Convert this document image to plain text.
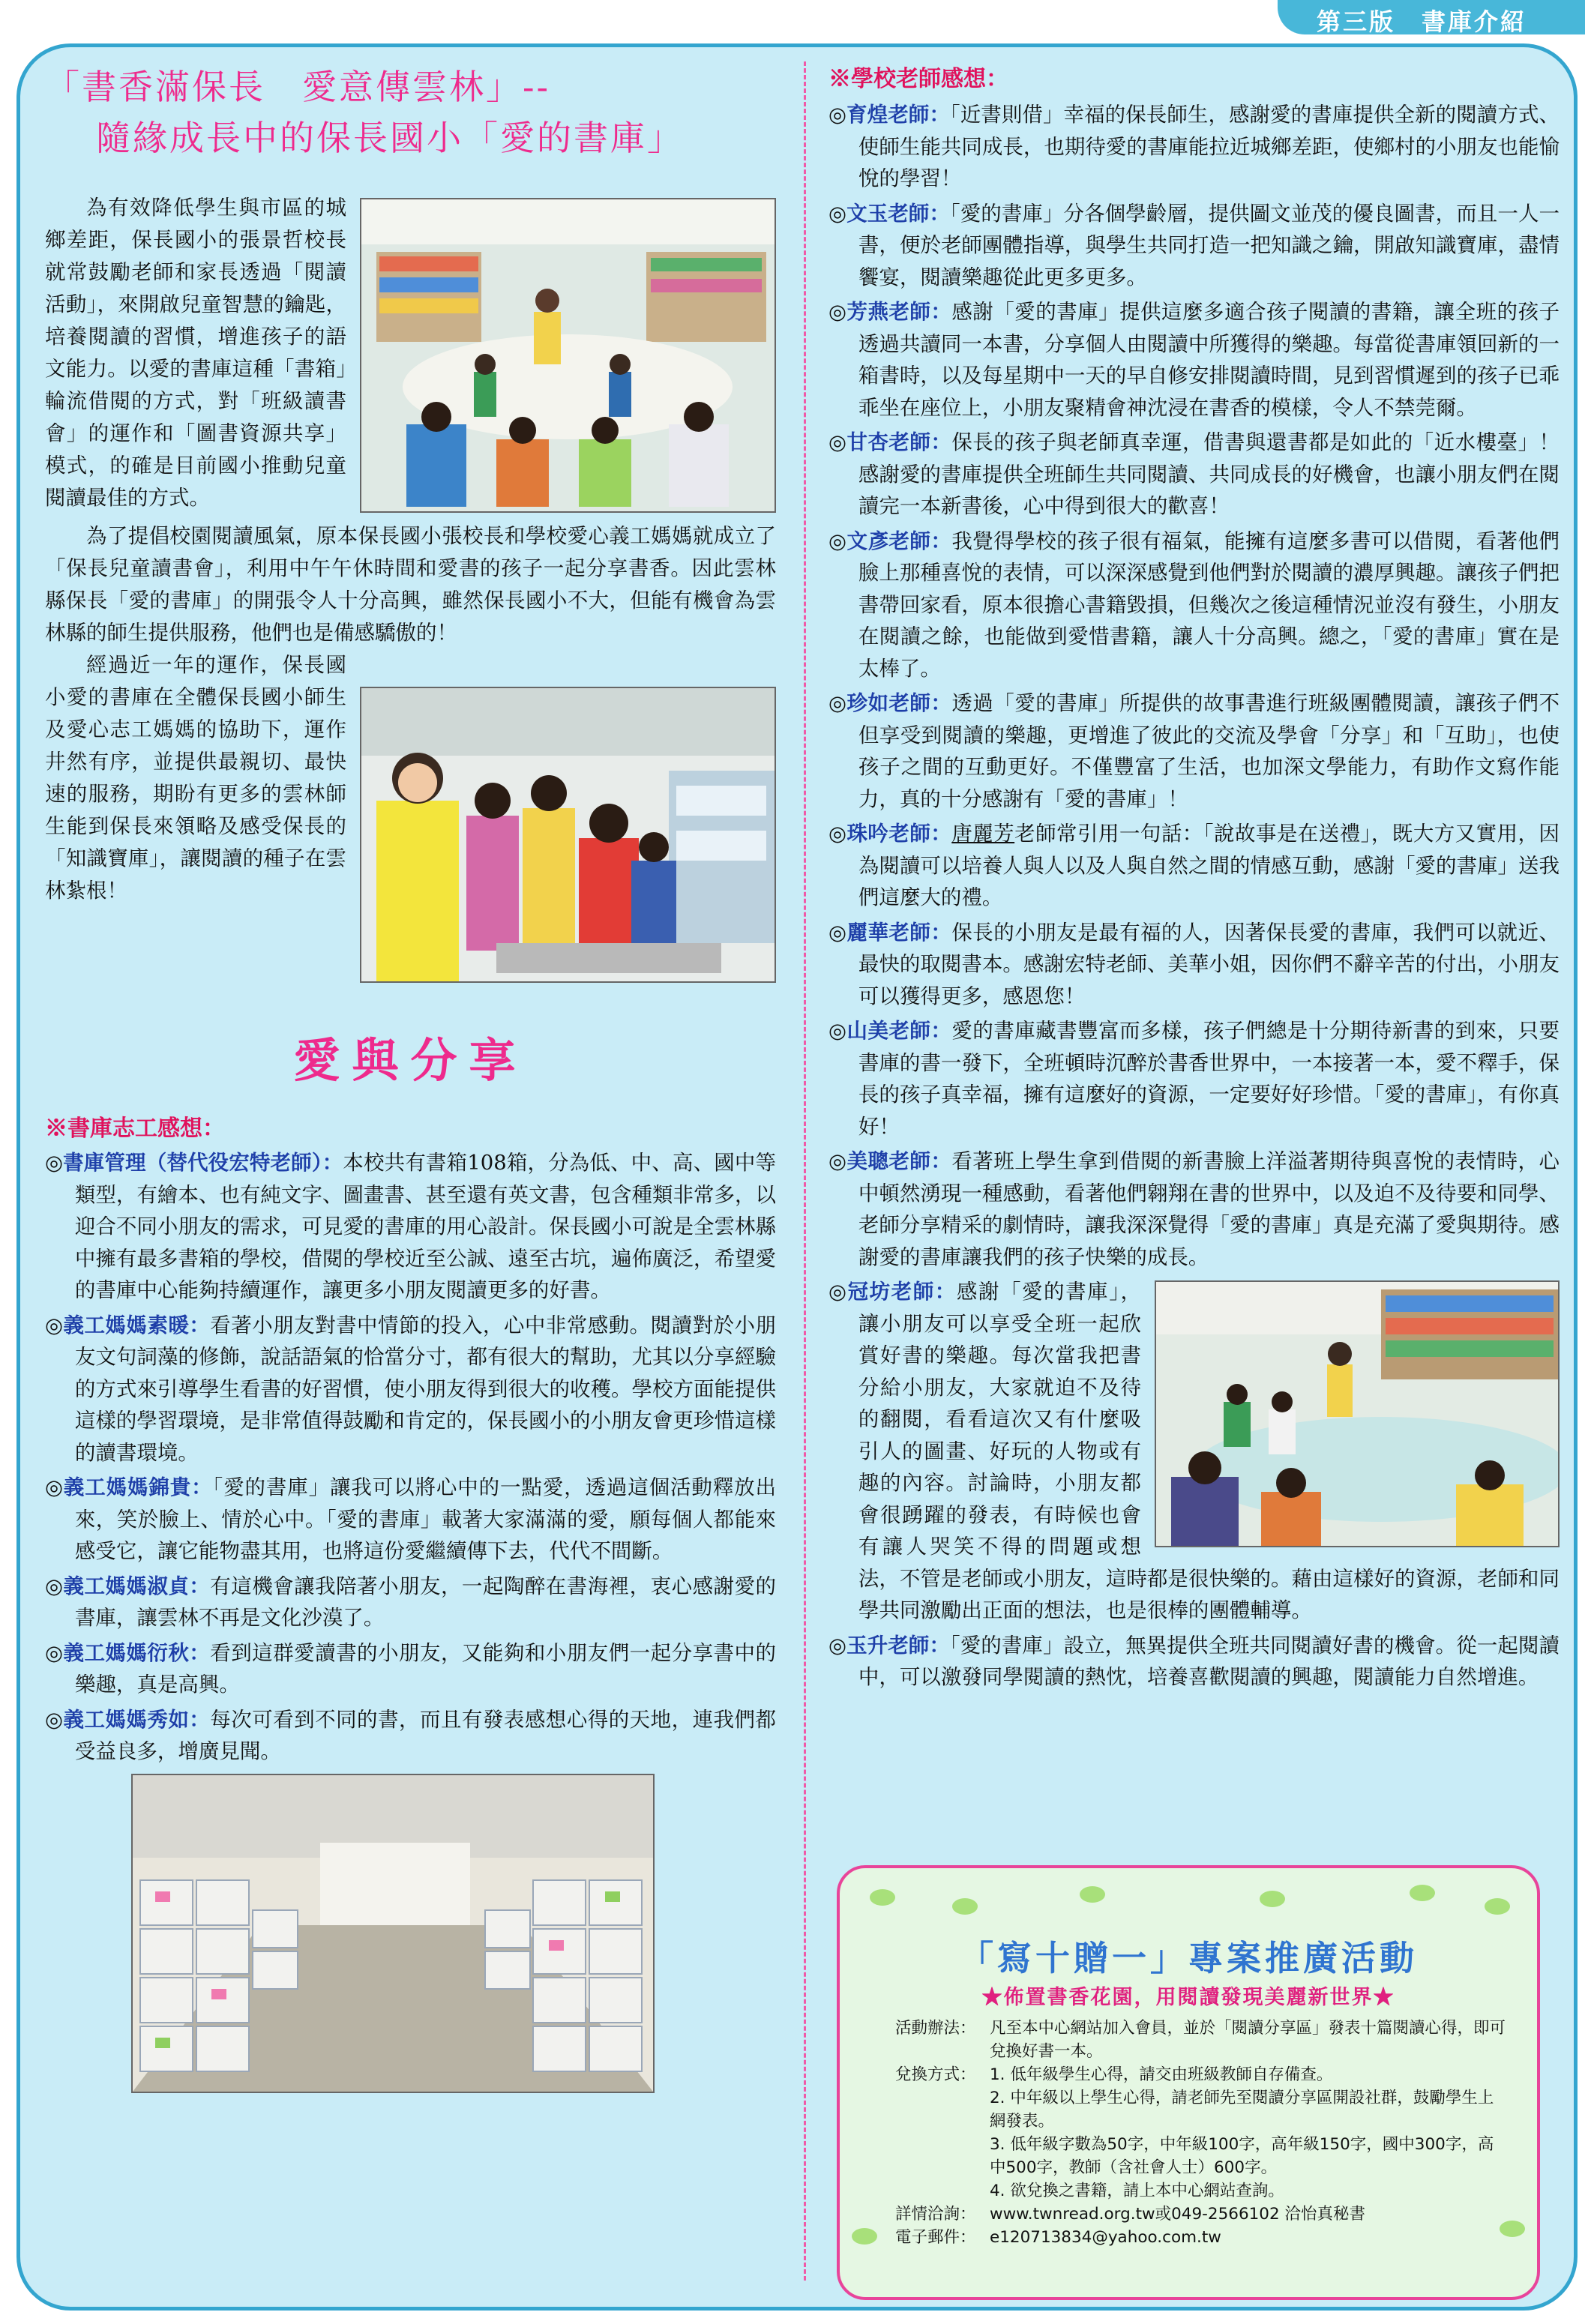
第三版　書庫介紹
「書香滿保長　愛意傳雲林」--
隨緣成長中的保長國小「愛的書庫」

為有效降低學生與市區的城鄉差距，保長國小的張景哲校長就常鼓勵老師和家長透過「閱讀活動」，來開啟兒童智慧的鑰匙，培養閱讀的習慣，增進孩子的語文能力。以愛的書庫這種「書箱」輪流借閱的方式，對「班級讀書會」的運作和「圖書資源共享」模式，的確是目前國小推動兒童閱讀最佳的方式。

為了提倡校園閱讀風氣，原本保長國小張校長和學校愛心義工媽媽就成立了「保長兒童讀書會」，利用中午午休時間和愛書的孩子一起分享書香。因此雲林縣保長「愛的書庫」的開張令人十分高興，雖然保長國小不大，但能有機會為雲林縣的師生提供服務，他們也是備感驕傲的！

經過近一年的運作，保長國小愛的書庫在全體保長國小師生及愛心志工媽媽的協助下，運作井然有序，並提供最親切、最快速的服務，期盼有更多的雲林師生能到保長來領略及感受保長的「知識寶庫」，讓閱讀的種子在雲林紮根！

愛與分享

※書庫志工感想：

◎書庫管理（替代役宏特老師）：本校共有書箱108箱，分為低、中、高、國中等類型，有繪本、也有純文字、圖畫書、甚至還有英文書，包含種類非常多，以迎合不同小朋友的需求，可見愛的書庫的用心設計。保長國小可說是全雲林縣中擁有最多書箱的學校，借閱的學校近至公誠、遠至古坑，遍佈廣泛，希望愛的書庫中心能夠持續運作，讓更多小朋友閱讀更多的好書。

◎義工媽媽素暖：看著小朋友對書中情節的投入，心中非常感動。閱讀對於小朋友文句詞藻的修飾，說話語氣的恰當分寸，都有很大的幫助，尤其以分享經驗的方式來引導學生看書的好習慣，使小朋友得到很大的收穫。學校方面能提供這樣的學習環境，是非常值得鼓勵和肯定的，保長國小的小朋友會更珍惜這樣的讀書環境。

◎義工媽媽錦貴：「愛的書庫」讓我可以將心中的一點愛，透過這個活動釋放出來，笑於臉上、情於心中。「愛的書庫」載著大家滿滿的愛，願每個人都能來感受它，讓它能物盡其用，也將這份愛繼續傳下去，代代不間斷。

◎義工媽媽淑貞：有這機會讓我陪著小朋友，一起陶醉在書海裡，衷心感謝愛的書庫，讓雲林不再是文化沙漠了。

◎義工媽媽衍秋：看到這群愛讀書的小朋友，又能夠和小朋友們一起分享書中的樂趣，真是高興。

◎義工媽媽秀如：每次可看到不同的書，而且有發表感想心得的天地，連我們都受益良多，增廣見聞。

※學校老師感想：

◎育煌老師：「近書則借」幸福的保長師生，感謝愛的書庫提供全新的閱讀方式、使師生能共同成長，也期待愛的書庫能拉近城鄉差距，使鄉村的小朋友也能愉悅的學習！

◎文玉老師：「愛的書庫」分各個學齡層，提供圖文並茂的優良圖書，而且一人一書，便於老師團體指導，與學生共同打造一把知識之鑰，開啟知識寶庫，盡情饗宴，閱讀樂趣從此更多更多。

◎芳燕老師：感謝「愛的書庫」提供這麼多適合孩子閱讀的書籍，讓全班的孩子透過共讀同一本書，分享個人由閱讀中所獲得的樂趣。每當從書庫領回新的一箱書時，以及每星期中一天的早自修安排閱讀時間，見到習慣遲到的孩子已乖乖坐在座位上，小朋友聚精會神沈浸在書香的模樣，令人不禁莞爾。

◎甘杏老師：保長的孩子與老師真幸運，借書與還書都是如此的「近水樓臺」！感謝愛的書庫提供全班師生共同閱讀、共同成長的好機會，也讓小朋友們在閱讀完一本新書後，心中得到很大的歡喜！

◎文彥老師：我覺得學校的孩子很有福氣，能擁有這麼多書可以借閱，看著他們臉上那種喜悅的表情，可以深深感覺到他們對於閱讀的濃厚興趣。讓孩子們把書帶回家看，原本很擔心書籍毀損，但幾次之後這種情況並沒有發生，小朋友在閱讀之餘，也能做到愛惜書籍，讓人十分高興。總之，「愛的書庫」實在是太棒了。

◎珍如老師：透過「愛的書庫」所提供的故事書進行班級團體閱讀，讓孩子們不但享受到閱讀的樂趣，更增進了彼此的交流及學會「分享」和「互助」，也使孩子之間的互動更好。不僅豐富了生活，也加深文學能力，有助作文寫作能力，真的十分感謝有「愛的書庫」！

◎珠吟老師：唐麗芳老師常引用一句話：「說故事是在送禮」，既大方又實用，因為閱讀可以培養人與人以及人與自然之間的情感互動，感謝「愛的書庫」送我們這麼大的禮。

◎麗華老師：保長的小朋友是最有福的人，因著保長愛的書庫，我們可以就近、最快的取閱書本。感謝宏特老師、美華小姐，因你們不辭辛苦的付出，小朋友可以獲得更多，感恩您！

◎山美老師：愛的書庫藏書豐富而多樣，孩子們總是十分期待新書的到來，只要書庫的書一發下，全班頓時沉醉於書香世界中，一本接著一本，愛不釋手，保長的孩子真幸福，擁有這麼好的資源，一定要好好珍惜。「愛的書庫」，有你真好！

◎美聰老師：看著班上學生拿到借閱的新書臉上洋溢著期待與喜悅的表情時，心中頓然湧現一種感動，看著他們翱翔在書的世界中，以及迫不及待要和同學、老師分享精采的劇情時，讓我深深覺得「愛的書庫」真是充滿了愛與期待。感謝愛的書庫讓我們的孩子快樂的成長。

◎冠坊老師：感謝「愛的書庫」，讓小朋友可以享受全班一起欣賞好書的樂趣。每次當我把書分給小朋友，大家就迫不及待的翻閱，看看這次又有什麼吸引人的圖畫、好玩的人物或有趣的內容。討論時，小朋友都會很踴躍的發表，有時候也會有讓人哭笑不得的問題或想法，不管是老師或小朋友，這時都是很快樂的。藉由這樣好的資源，老師和同學共同激勵出正面的想法，也是很棒的團體輔導。

◎玉升老師：「愛的書庫」設立，無異提供全班共同閱讀好書的機會。從一起閱讀中，可以激發同學閱讀的熱忱，培養喜歡閱讀的興趣，閱讀能力自然增進。

「寫十贈一」專案推廣活動
★佈置書香花園，用閱讀發現美麗新世界★
活動辦法： 凡至本中心網站加入會員，並於「閱讀分享區」發表十篇閱讀心得，即可兌換好書一本。
兌換方式： 1. 低年級學生心得，請交由班級教師自存備查。
2. 中年級以上學生心得，請老師先至閱讀分享區開設社群，鼓勵學生上網發表。
3. 低年級字數為50字，中年級100字，高年級150字，國中300字，高中500字，教師（含社會人士）600字。
4. 欲兌換之書籍，請上本中心網站查詢。
詳情洽詢： www.twnread.org.tw或049-2566102 洽怡真秘書
電子郵件： e120713834@yahoo.com.tw
